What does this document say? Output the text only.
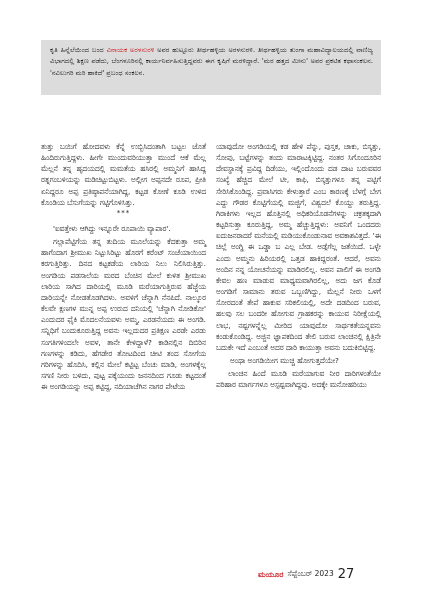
ಕೃತಿ ಹಿನ್ನೆಲೆಯಿಂದ ಬಂದ ವಿನಾಯಕ ಅರಳಸುರಳಿ ಅವರ ಹುಟ್ಟೂರು ತೀರ್ಥಹಳ್ಳಿಯ ಅರಳಸುರಳಿ. ತೀರ್ಥಹಳ್ಳಿಯ ತುಂಗಾ ಮಹಾವಿದ್ಯಾಲಯದಲ್ಲಿ ವಾಣಿಜ್ಯ ವಿಭಾಗದಲ್ಲಿ ಶಿಕ್ಷಣ ಪಡೆದು, ಬೆಂಗಳೂರಿನಲ್ಲಿ ಕಾರ್ಯನಿರ್ವಹಿಸುತ್ತಿದ್ದವರು ಈಗ ಕೃಷಿಗೆ ಮರಳಿದ್ದಾರೆ. 'ಮರ ಹತ್ತದ ಮೀನು' ಅವರ ಪ್ರಕಟಿತ ಕಥಾಸಂಕಲನ. 'ನವಿಲುಗರಿ ಮರಿ ಹಾಕಿದೆ' ಪ್ರಬಂಧ ಸಂಕಲನ.

ತುತ್ತು ಬಯಿಗೆ ಹೋದವಳು ಕೆನ್ನೆ ಉಬ್ಬಿಸಿದಂತಾಗಿ ಬಟ್ಟಲ ಜೊತೆ ಹಿಂದಿರುಗುತ್ತಿದ್ದಳು. ಹೀಗೇ ಮುಂದುವರಿಯುತ್ತಾ ಮುಂದೆ ಆಕೆ ಮೆಲ್ಲ ಮೆಲ್ಲನೆ ತನ್ನ ಹೃದಯದಲ್ಲಿ ಮಮತೆಯ ಹಸಿರಲ್ಲಿ ಅಮ್ಮನಿಗೆ ಹಾಸಿದ್ದ ರತ್ನಗಂಬಳಿಯನ್ನು ಮಡಿಚಿಟ್ಟುಬಿಟ್ಟಳು. ಅಲ್ಲೀಗ ಅಪ್ಪನದೇ ರೂಪ, ಪ್ರೀತಿ ಏನಿದ್ದರೂ ಅಪ್ಪ ಪ್ರತಿಷ್ಠಾಪನೆಯಾಗಿದ್ದ, ಕಟ್ಟಡ ಕೋಣೆ ಕೂಡಿ ಉಳಿದ ಕೊಂಡಿಯ ಬೆಸುಗೆಯನ್ನು ಗಟ್ಟಿಗೊಳಿಸಿತ್ತು.

***

'ಐವತ್ತೇಳು ಆಗಿದ್ದು ಇನ್ನೂರೇ ರೂಪಾಯಿ ವ್ಯಾಪಾರ'.

ಗಲ್ಲಾಪೆಟ್ಟಿಗೆಯ ತನ್ನ ತುದಿಯ ಮೂಲೆಯನ್ನು ಕೆದಕುತ್ತಾ ಅಮ್ಮ ಹಾಗೆಂದಾಗ ಶ್ರೀಮುಖ ನಿಟ್ಟುಸಿರಿಟ್ಟು ಹೊರಗೆ ಕರೆಂಟ್ ಸಂಜೆಯಾಯಿಂದ ಕರಗುತ್ತಿರಿತ್ತು. ದಿನದ ಕಟ್ಟಕಡೆಯ ಲಾರಿಯ ನಿಲು ನಿಲಿಸಿರುತ್ತಿತ್ತು. ಅಂಗಡಿಯ ಪಡಸಾಲೆಯ ಮರದ ಬೆಂಚಿನ ಮೇಲೆ ಕುಳಿತ ಶ್ರೀಮುಖ ಲಾರಿಯ ಸಾಗಿದ ದಾರಿಯಲ್ಲಿ ಮೂಡಿ ಮರೆಯಾಗುತ್ತಿರುವ ಹೆಜ್ಜೆಯ ದಾರಿಯನ್ನೇ ನೋಡತೊಡಗಿದಳು. ಅವಳಿಗೆ ಚೆನ್ನಾಗಿ ನೆನಪಿದೆ. ನಾಲ್ಕೂರ ಕೆಲವೇ ಕ್ಷಣಗಳ ಮುನ್ನ ಅಪ್ಪ ಉರುದ ದನಿಯಲ್ಲಿ 'ಚೆನ್ನಾಗಿ ನೋಡಿಕೋ' ಎಂದುದರ ಫೈಕಿ ಮೊದಲನೆಯವಳು ಅಮ್ಮ, ಎರಡನೆಯದು ಈ ಅಂಗಡಿ. ಸನ್ನಿಧಿಗೆ ಬಂದುಕೂರುತ್ತಿದ್ದ ಅವನು ಇಲ್ಲದುದರ ಪ್ರತಿಕ್ಷಣ ಎರಡೇ ಎರಡು ಸಂಗತಿಗಳಿಂದಲೇ ಅವಳ, ತಾನೇ ಕೇಳಿದ್ದಾಳೆ? ಕಾಡಿನಲ್ಲಿನ ದಿಬಿರಿನ ಗಣಗಳನ್ನು ಕಡಿದು, ಹೆಗಡೇರ ತೋಟದಿಂದ ಚೀಟಿ ತಂದ ಸೋಗೆಯ ಗರಿಗಳನ್ನು ಹೊದಿಸಿ, ಕಲ್ಲಿನ ಮೇಲೆ ಕಟ್ಟಿಟ್ಟ ಬೆಂಚು ಮಾಡಿ, ಅಂಗಳಕ್ಕೆಲ್ಲ ಸಗಣಿ ನೀರು ಬಳಿದು, ಪುಟ್ಟ ಪಕ್ಕೆಯಂದು ಜನನದಿಂದ ಗೂಡು ಕಟ್ಟದಂತೆ ಈ ಅಂಗಡಿಯನ್ನು ಅಪ್ಪ ಕಟ್ಟಿದ್ದ, ನದಿಯಾಚೆಗಿನ ನಾಗರ ಪೇಟೆಯ

ಯಾವುದೋ ಅಂಗಡಿಯಲ್ಲಿ ಕಡ ಹೇಳಿ ಪೆನ್ನು, ಪುಸ್ತಕ, ಚಾಕು, ಬಿಸ್ಕತ್ತು, ಸೋಪು, ಬಟ್ಟೆಗಳನ್ನು ತಂದು ಮಾರಾಟಕ್ಕಿಟ್ಟಿದ್ದ. ನಂತರ ಸಿಗೊಂದೂರಿನ ದೇವಸ್ಥಾನಕ್ಕೆ ಪ್ರವಿದ್ದ ದಿಡೆಯು, ಇಲ್ಲಿಂದೊಂದು ದಡ ದಾಟ ಬರುವವರ ಸಂಖ್ಯೆ ಹೆಚ್ಚಿದ ಮೇಲೆ ಟೀ, ಕಾಫಿ, ಬಿಸ್ಕತ್ತುಗಳೂ ತನ್ನ ಪಟ್ಟಿಗೆ ಸೇರಿಸಿಕೊಂಡಿದ್ದ. ಪ್ರವಾಸಿಗರು ಕೇಳುತ್ತಾರೆ ಎಂಬ ಕಾರಣಕ್ಕೆ ಬೆಳಗ್ಗೆ ಬೇಗ ಎದ್ದು ಗೌಡರ ಕೊಟ್ಟಿಗೆಯಲ್ಲಿ ಮಜ್ಜಿಗೆ, ವಿಶ್ವದಲೆ ಕೊಯ್ದು ತರುತ್ತಿದ್ದ. ಗಿರಾಕಿಗಳು ಇಲ್ಲದ ಹೊತ್ತಿನಲ್ಲಿ ಅಧಿಕರಿಯೊಡನೆಗಳನ್ನು ಚಕ್ರತಕ್ಕದಾಗಿ ಕಟ್ಟರಿಸುತ್ತಾ ಕೂರುತ್ತಿದ್ದ, ಅಮ್ಮ ಹೆಚ್ಚುತ್ತಿದ್ದಳು: ಅವನಿಗೆ ಒಂದದರು ಐದುಜನರಾದರೆ ಮನೆಯಲ್ಲಿ ಮಡಿಯುಕೊಂಡುನಾವ ಅವಕಾಶವಿತ್ತದೆ. 'ಈ ಚಿಲ್ಲೆ ಅಂಗ್ಡಿ ಈ ಒಡ್ಡಾ ಬ ಎಲ್ಲ ಬೇಡ. ಅಡ್ಗೆಗೆಲ್ಲ ಜತೆಯಿದೆ. ಒಳ್ಳೇ ಎಂದು ಅಮ್ಮನು ಹಿರಿಯರಲ್ಲಿ ಒತ್ತಡ ಹಾಕಿದ್ದರಂತೆ. ಆದರೆ, ಅವನು ಅಂದಿನ ನನ್ನ ಯೋಚನೆಯನ್ನು ಮಾಡಿರಲಿಲ್ಲ. ಅವನ ಪಾಲಿಗೆ ಈ ಅಂಗಡಿ ಕೇವಲ ಹಣ ಮಾಡುವ ಮಾಧ್ಯಮವಾಗಿರಲಿಲ್ಲ, ಅದು ಜಗ ಕೊಡೆ ಅಂಗಡಿಗೆ ಸಾಮಾನು ತರುವ ಒಬ್ಬಣಿಗಿದ್ದು, ಮೆಲ್ಲನೆ ನೀರು ಒಳಗೆ ಸೋರದಂತೆ ತೇಪೆ ಹಾಕುವ ಸರಿಕಲಿಯಲ್ಲಿ, ಅದೇ ದಡದಿಂದ ಬರುವ, ಹಲವು ಸಲ ಬಂದರೀ ಹೋಗುವ ಗ್ರಾಹಕರನ್ನು ಕಾಯುವ ನಿರೀಕ್ಷೆಯಲ್ಲಿ ಲಾಭ, ನಷ್ಟಗಳನ್ನೆಲ್ಲ ಮೀರಿದ ಯಾವುದೋ ಸಾರ್ಥಕತೆಯನ್ನವನು ಕಂಡುಕೊಂಡಿದ್ದ. ಅಜ್ಜಿನ ಜ್ಞಾಪಕದಿಂದ ತೇಲಿ ಬರುವ ಲಾಂಚಿನಲ್ಲಿ ಕ್ಷಿತ್ರಿನೇ ಬದುಕೇ ಇದೆ ಎಂಬಂತೆ ಅದರ ದಾರಿ ಕಾಯುತ್ತಾ ಅವನು ಬದುಕಿಬಿಟ್ಟಿದ್ದ.

ಅಂಥಾ ಅಂಗಡಿಯೀಗ ಮುಚ್ಚಿ ಹೋಗುತ್ತದೆಯೇ?

ಲಾಂಚಿನ ಹಿಂದೆ ಮೂಡಿ ಮರೆಯಾಗುವ ನೀರ ದಾರಿಗಳಂತೆಯೇ ಪರಿಹಾರ ಮಾರ್ಗಗಳೂ ಅಸ್ಪಷ್ಟವಾಗಿದ್ದವು. ಅದಕ್ಕೇ ಮನೋಹರಿಯು

ಮಯೂರ ಸೆಪ್ಟೆಂಬರ್ 2023 27
